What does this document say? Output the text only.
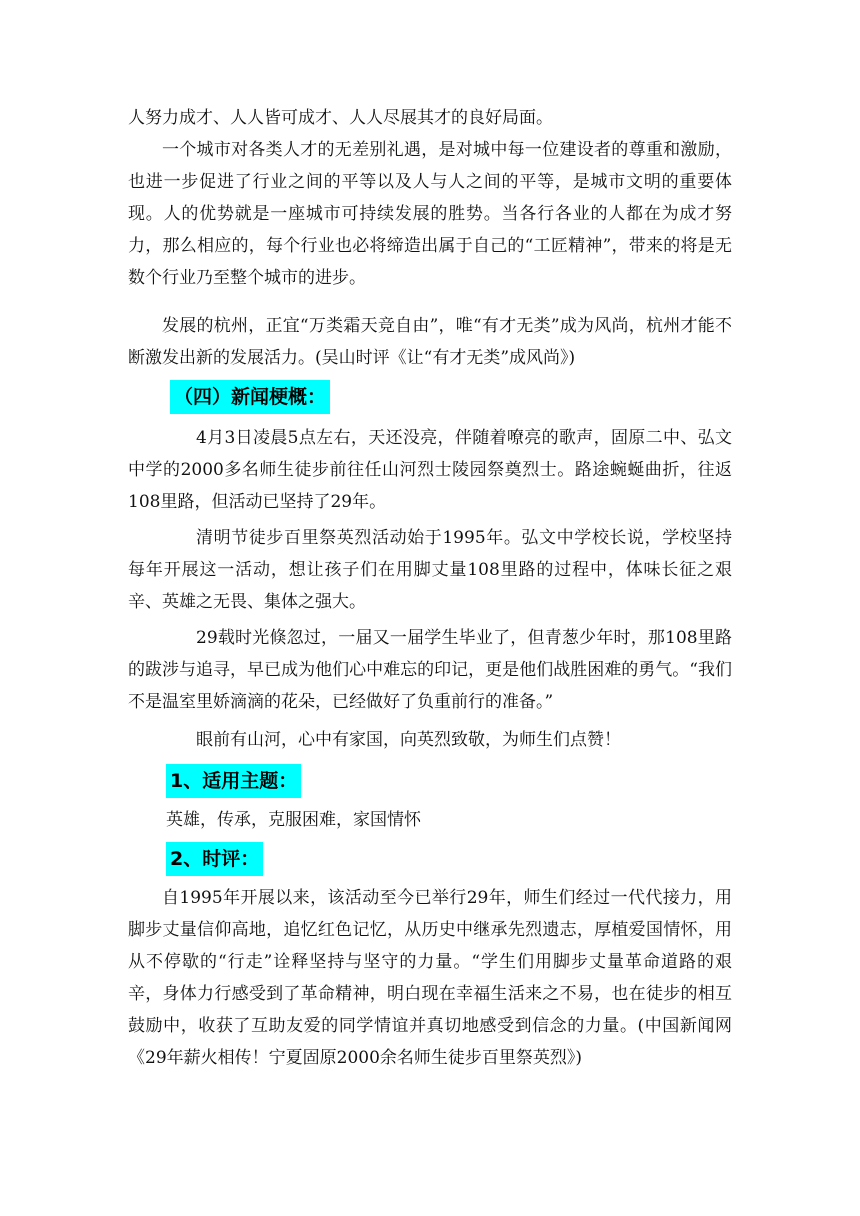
人努力成才、人人皆可成才、人人尽展其才的良好局面。

一个城市对各类人才的无差别礼遇，是对城中每一位建设者的尊重和激励，也进一步促进了行业之间的平等以及人与人之间的平等，是城市文明的重要体现。人的优势就是一座城市可持续发展的胜势。当各行各业的人都在为成才努力，那么相应的，每个行业也必将缔造出属于自己的“工匠精神”，带来的将是无数个行业乃至整个城市的进步。

发展的杭州，正宜“万类霜天竞自由”，唯“有才无类”成为风尚，杭州才能不断激发出新的发展活力。(吴山时评《让“有才无类”成风尚》)

（四）新闻梗概：

4月3日凌晨5点左右，天还没亮，伴随着嘹亮的歌声，固原二中、弘文中学的2000多名师生徒步前往任山河烈士陵园祭奠烈士。路途蜿蜒曲折，往返108里路，但活动已坚持了29年。

清明节徒步百里祭英烈活动始于1995年。弘文中学校长说，学校坚持每年开展这一活动，想让孩子们在用脚丈量108里路的过程中，体味长征之艰辛、英雄之无畏、集体之强大。

29载时光倏忽过，一届又一届学生毕业了，但青葱少年时，那108里路的跋涉与追寻，早已成为他们心中难忘的印记，更是他们战胜困难的勇气。“我们不是温室里娇滴滴的花朵，已经做好了负重前行的准备。”

眼前有山河，心中有家国，向英烈致敬，为师生们点赞！

1、适用主题：

英雄，传承，克服困难，家国情怀

2、时评：

自1995年开展以来，该活动至今已举行29年，师生们经过一代代接力，用脚步丈量信仰高地，追忆红色记忆，从历史中继承先烈遗志，厚植爱国情怀，用从不停歇的“行走”诠释坚持与坚守的力量。“学生们用脚步丈量革命道路的艰辛，身体力行感受到了革命精神，明白现在幸福生活来之不易，也在徒步的相互鼓励中，收获了互助友爱的同学情谊并真切地感受到信念的力量。(中国新闻网《29年薪火相传！宁夏固原2000余名师生徒步百里祭英烈》)
